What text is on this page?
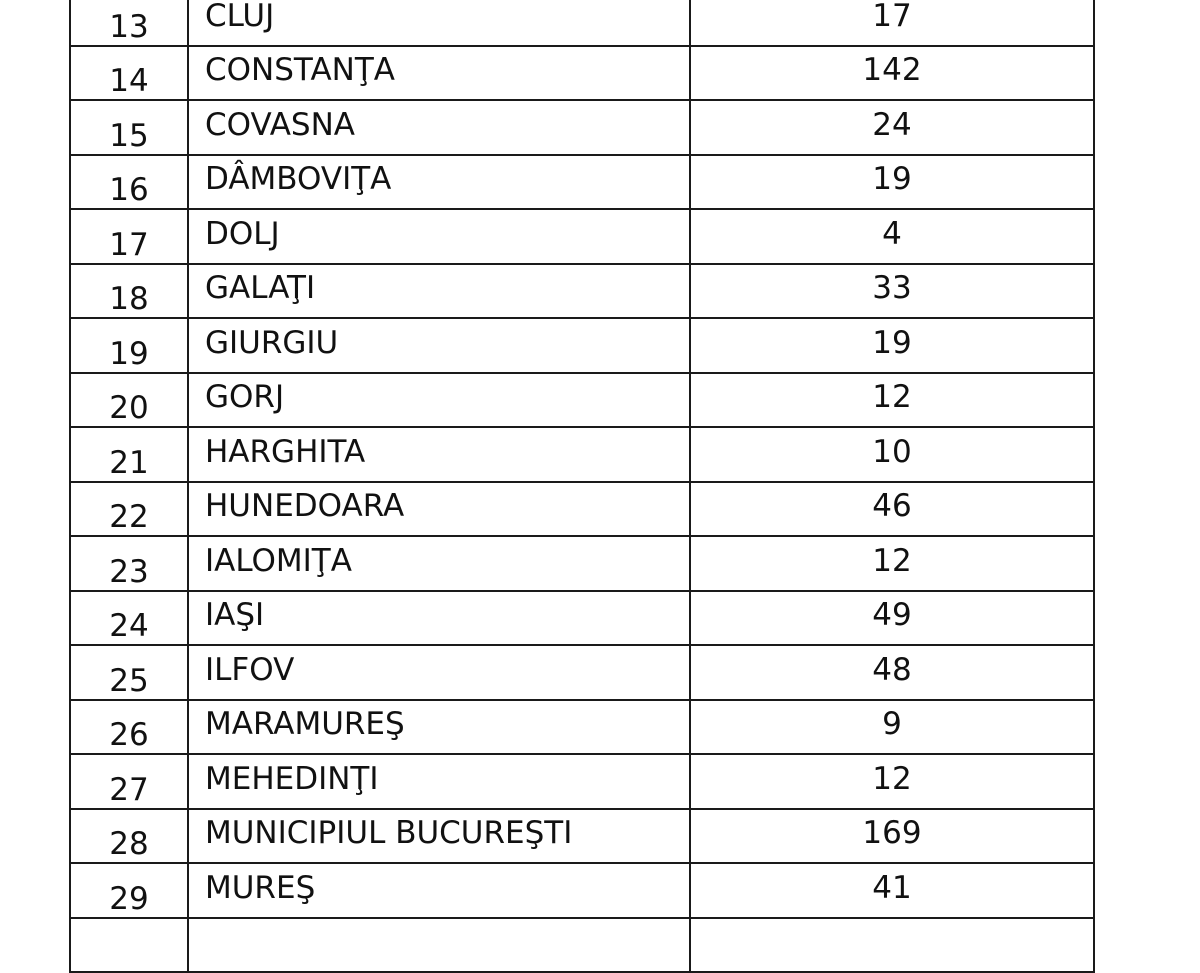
13	CLUJ	17
14	CONSTANŢA	142
15	COVASNA	24
16	DÂMBOVIŢA	19
17	DOLJ	4
18	GALAŢI	33
19	GIURGIU	19
20	GORJ	12
21	HARGHITA	10
22	HUNEDOARA	46
23	IALOMIŢA	12
24	IAŞI	49
25	ILFOV	48
26	MARAMUREŞ	9
27	MEHEDINŢI	12
28	MUNICIPIUL BUCUREŞTI	169
29	MUREŞ	41
